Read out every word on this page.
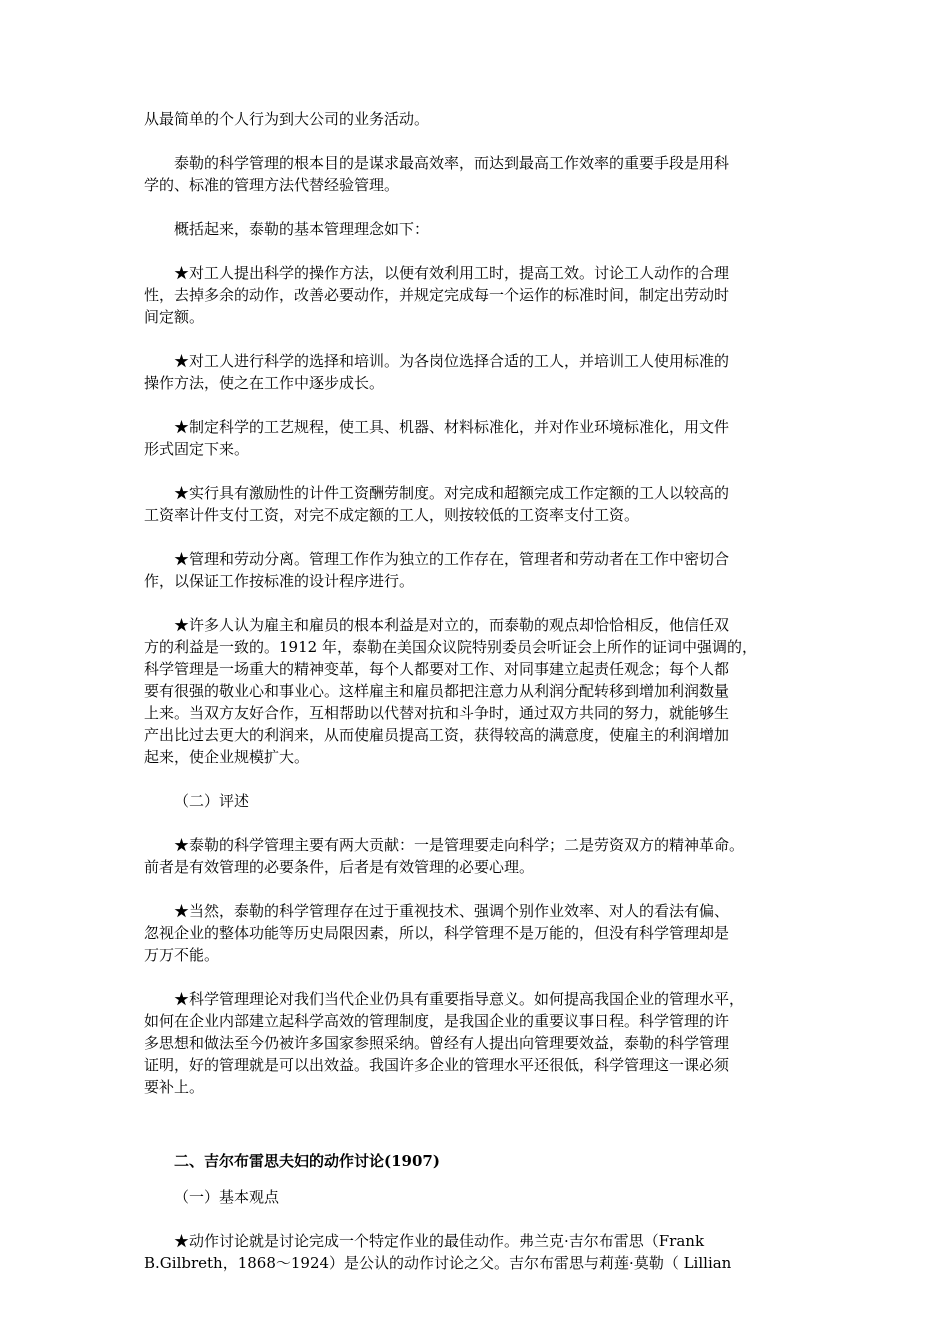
从最简单的个人行为到大公司的业务活动。

泰勒的科学管理的根本目的是谋求最高效率，而达到最高工作效率的重要手段是用科
学的、标准的管理方法代替经验管理。

概括起来，泰勒的基本管理理念如下：

★对工人提出科学的操作方法，以便有效利用工时，提高工效。讨论工人动作的合理
性，去掉多余的动作，改善必要动作，并规定完成每一个运作的标准时间，制定出劳动时
间定额。

★对工人进行科学的选择和培训。为各岗位选择合适的工人，并培训工人使用标准的
操作方法，使之在工作中逐步成长。

★制定科学的工艺规程，使工具、机器、材料标准化，并对作业环境标准化，用文件
形式固定下来。

★实行具有激励性的计件工资酬劳制度。对完成和超额完成工作定额的工人以较高的
工资率计件支付工资，对完不成定额的工人，则按较低的工资率支付工资。

★管理和劳动分离。管理工作作为独立的工作存在，管理者和劳动者在工作中密切合
作，以保证工作按标准的设计程序进行。

★许多人认为雇主和雇员的根本利益是对立的，而泰勒的观点却恰恰相反，他信任双
方的利益是一致的。1912 年，泰勒在美国众议院特别委员会听证会上所作的证词中强调的，
科学管理是一场重大的精神变革，每个人都要对工作、对同事建立起责任观念；每个人都
要有很强的敬业心和事业心。这样雇主和雇员都把注意力从利润分配转移到增加利润数量
上来。当双方友好合作，互相帮助以代替对抗和斗争时，通过双方共同的努力，就能够生
产出比过去更大的利润来，从而使雇员提高工资，获得较高的满意度，使雇主的利润增加
起来，使企业规模扩大。

（二）评述

★泰勒的科学管理主要有两大贡献：一是管理要走向科学；二是劳资双方的精神革命。
前者是有效管理的必要条件，后者是有效管理的必要心理。

★当然，泰勒的科学管理存在过于重视技术、强调个别作业效率、对人的看法有偏、
忽视企业的整体功能等历史局限因素，所以，科学管理不是万能的，但没有科学管理却是
万万不能。

★科学管理理论对我们当代企业仍具有重要指导意义。如何提高我国企业的管理水平，
如何在企业内部建立起科学高效的管理制度，是我国企业的重要议事日程。科学管理的许
多思想和做法至今仍被许多国家参照采纳。曾经有人提出向管理要效益，泰勒的科学管理
证明，好的管理就是可以出效益。我国许多企业的管理水平还很低，科学管理这一课必须
要补上。

二、吉尔布雷思夫妇的动作讨论(1907)

（一）基本观点

★动作讨论就是讨论完成一个特定作业的最佳动作。弗兰克·吉尔布雷思（Frank
B.Gilbreth，1868～1924）是公认的动作讨论之父。吉尔布雷思与莉莲·莫勒（ Lillian
